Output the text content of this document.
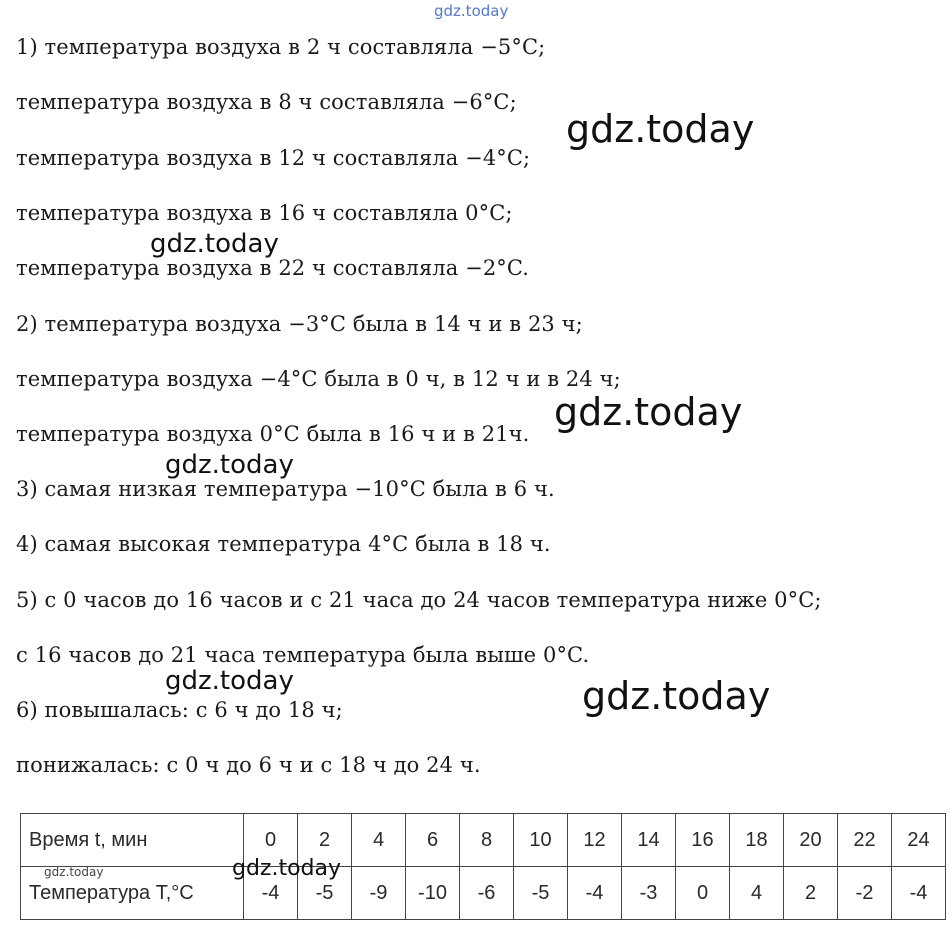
gdz.today
1) температура воздуха в 2 ч составляла −5°C;
температура воздуха в 8 ч составляла −6°C;
температура воздуха в 12 ч составляла −4°C;
температура воздуха в 16 ч составляла 0°C;
температура воздуха в 22 ч составляла −2°C.
2) температура воздуха −3°C была в 14 ч и в 23 ч;
температура воздуха −4°C была в 0 ч, в 12 ч и в 24 ч;
температура воздуха 0°C была в 16 ч и в 21ч.
3) самая низкая температура −10°C была в 6 ч.
4) самая высокая температура 4°C была в 18 ч.
5) с 0 часов до 16 часов и с 21 часа до 24 часов температура ниже 0°C;
с 16 часов до 21 часа температура была выше 0°C.
6) повышалась: с 6 ч до 18 ч;
понижалась: с 0 ч до 6 ч и с 18 ч до 24 ч.
gdz.today
gdz.today
gdz.today
gdz.today
gdz.today	gdz.today
Время t, мин	0	2	4	6	8	10	12	14	16	18	20	22	24
Температура T,°C	-4	-5	-9	-10	-6	-5	-4	-3	0	4	2	-2	-4
gdz.today
gdz.today
